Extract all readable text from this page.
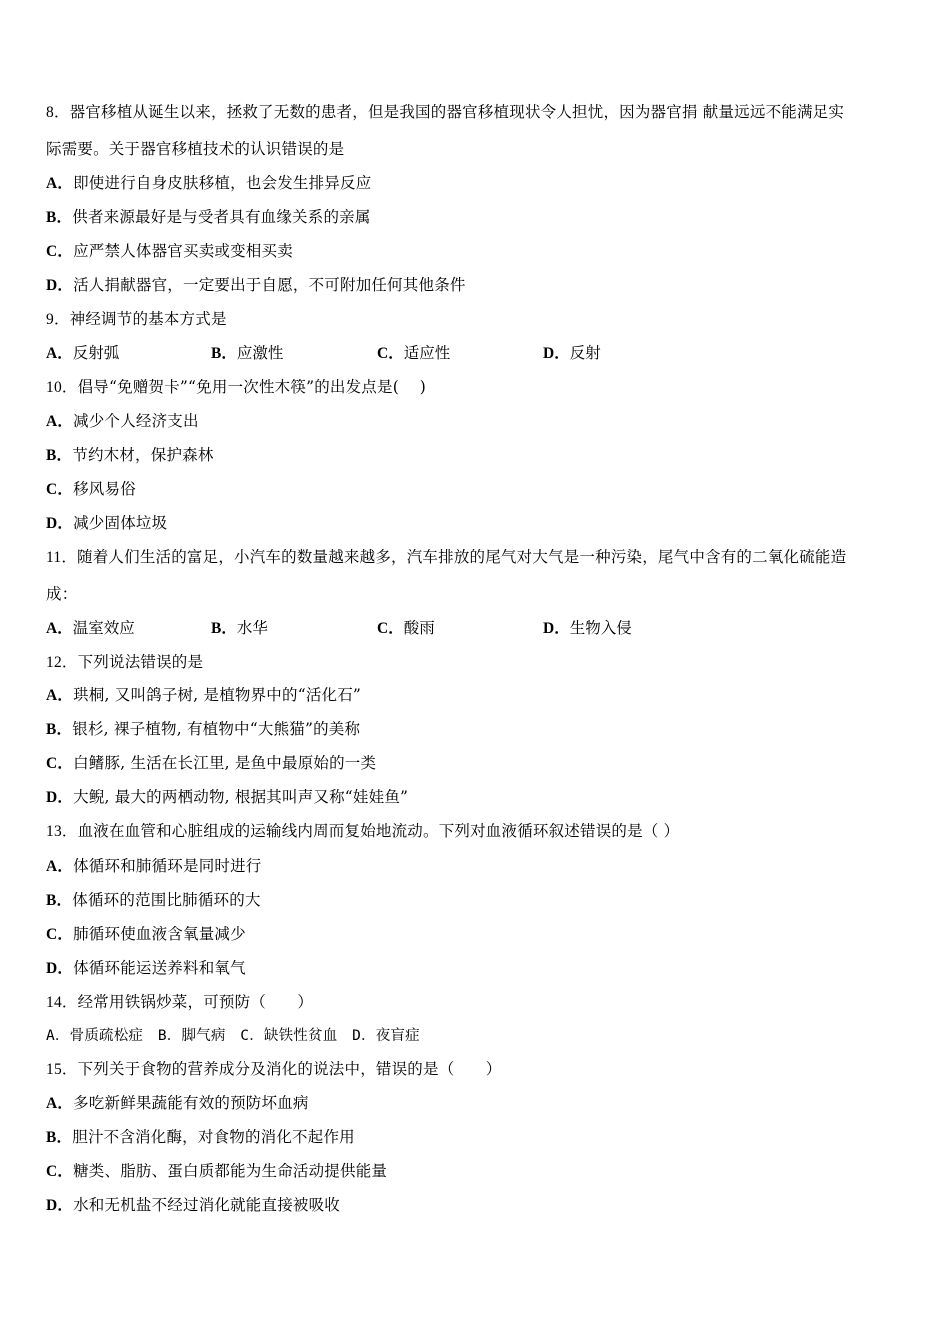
8．器官移植从诞生以来，拯救了无数的患者，但是我国的器官移植现状令人担忧，因为器官捐 献量远远不能满足实
际需要。关于器官移植技术的认识错误的是
A．即使进行自身皮肤移植，也会发生排异反应
B．供者来源最好是与受者具有血缘关系的亲属
C．应严禁人体器官买卖或变相买卖
D．活人捐献器官，一定要出于自愿，不可附加任何其他条件
9．神经调节的基本方式是
A．反射弧	B．应激性	C．适应性	D．反射
10．倡导“免赠贺卡”“免用一次性木筷”的出发点是(　 )
A．减少个人经济支出
B．节约木材，保护森林
C．移风易俗
D．减少固体垃圾
11．随着人们生活的富足，小汽车的数量越来越多，汽车排放的尾气对大气是一种污染，尾气中含有的二氧化硫能造
成：
A．温室效应	B．水华	C．酸雨	D．生物入侵
12．下列说法错误的是
A．珙桐, 又叫鸽子树, 是植物界中的“活化石”
B．银杉, 裸子植物, 有植物中“大熊猫”的美称
C．白鳍豚, 生活在长江里, 是鱼中最原始的一类
D．大鲵, 最大的两栖动物, 根据其叫声又称“娃娃鱼”
13．血液在血管和心脏组成的运输线内周而复始地流动。下列对血液循环叙述错误的是（ ）
A．体循环和肺循环是同时进行
B．体循环的范围比肺循环的大
C．肺循环使血液含氧量减少
D．体循环能运送养料和氧气
14．经常用铁锅炒菜，可预防（　　）
A．骨质疏松症　B．脚气病　C．缺铁性贫血　D．夜盲症
15．下列关于食物的营养成分及消化的说法中，错误的是（　　）
A．多吃新鲜果蔬能有效的预防坏血病
B．胆汁不含消化酶，对食物的消化不起作用
C．糖类、脂肪、蛋白质都能为生命活动提供能量
D．水和无机盐不经过消化就能直接被吸收
